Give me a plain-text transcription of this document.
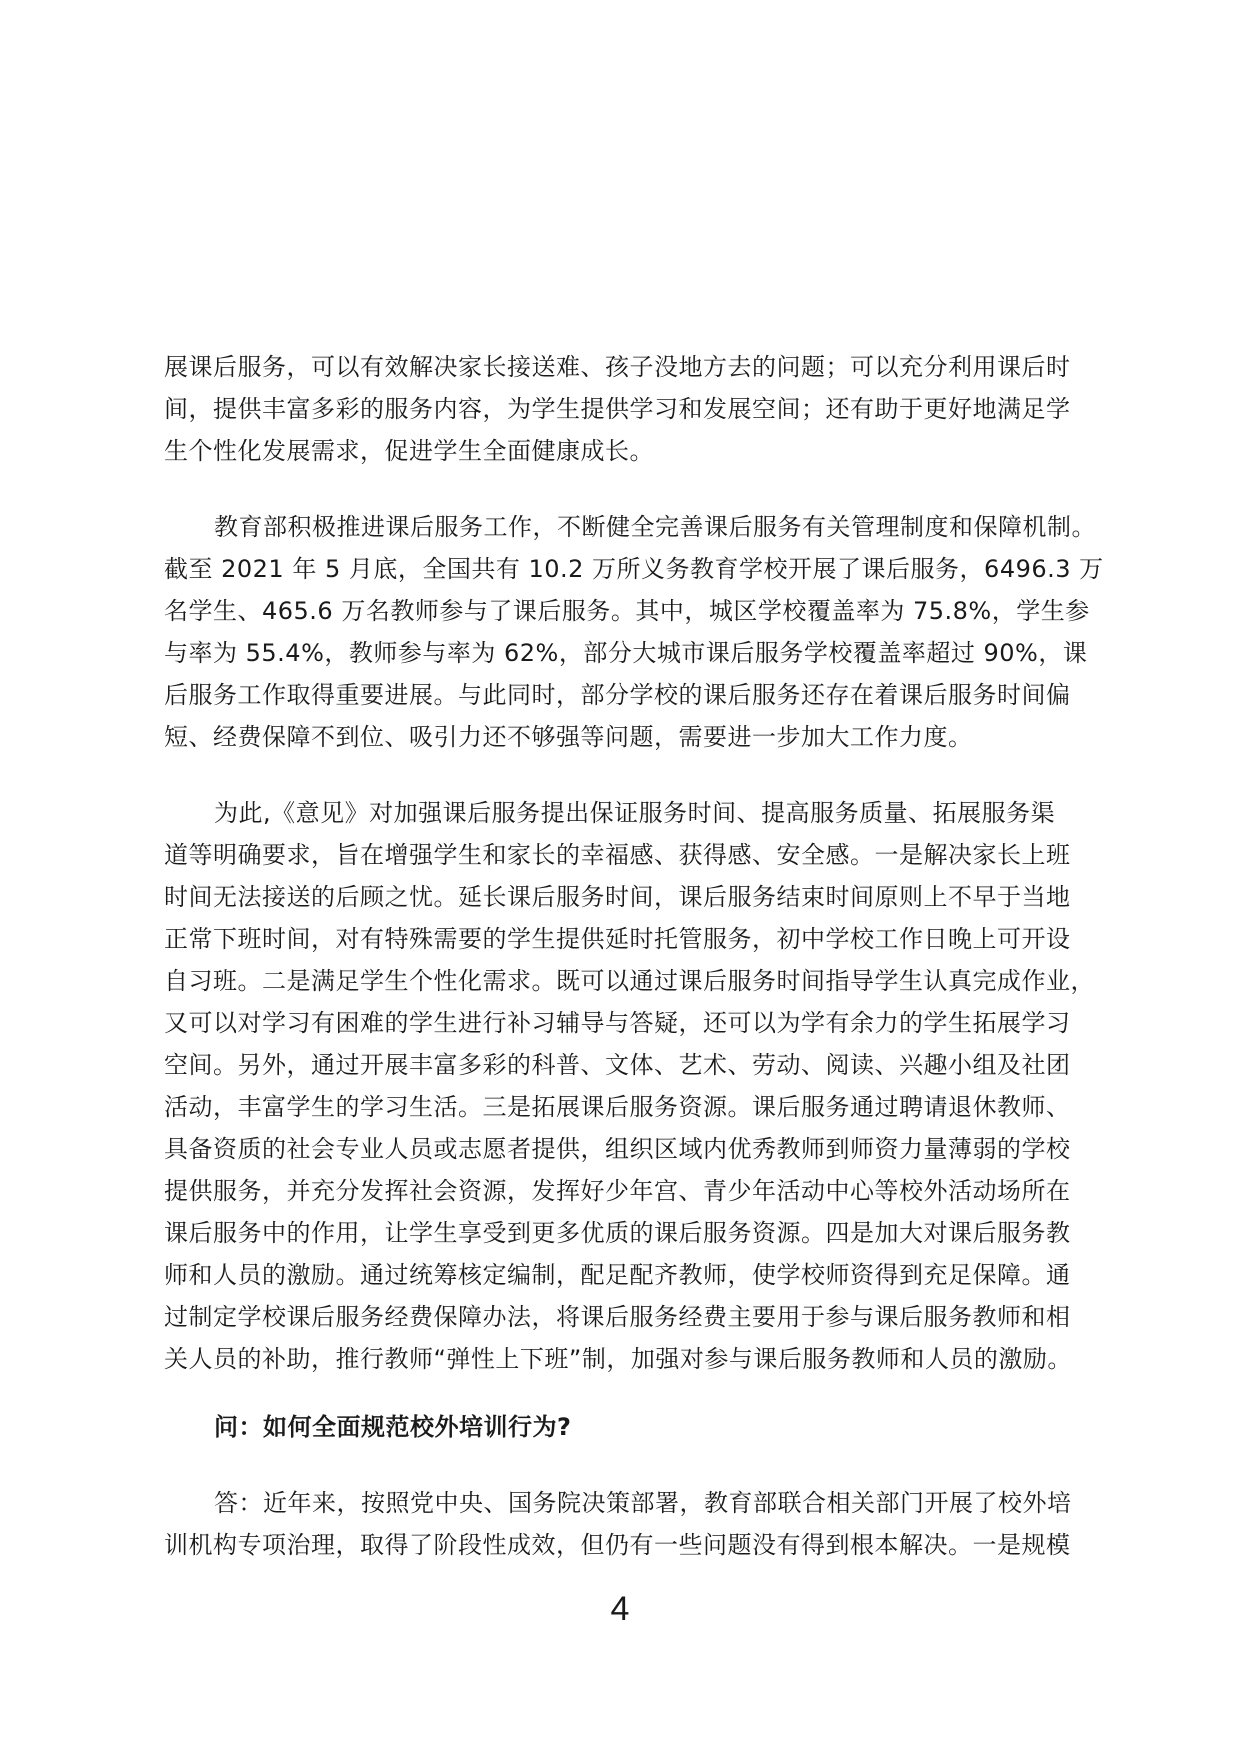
展课后服务，可以有效解决家长接送难、孩子没地方去的问题；可以充分利用课后时
间，提供丰富多彩的服务内容，为学生提供学习和发展空间；还有助于更好地满足学
生个性化发展需求，促进学生全面健康成长。

教育部积极推进课后服务工作，不断健全完善课后服务有关管理制度和保障机制。
截至 2021 年 5 月底，全国共有 10.2 万所义务教育学校开展了课后服务，6496.3 万
名学生、465.6 万名教师参与了课后服务。其中，城区学校覆盖率为 75.8%，学生参
与率为 55.4%，教师参与率为 62%，部分大城市课后服务学校覆盖率超过 90%，课
后服务工作取得重要进展。与此同时，部分学校的课后服务还存在着课后服务时间偏
短、经费保障不到位、吸引力还不够强等问题，需要进一步加大工作力度。

为此,《意见》对加强课后服务提出保证服务时间、提高服务质量、拓展服务渠
道等明确要求，旨在增强学生和家长的幸福感、获得感、安全感。一是解决家长上班
时间无法接送的后顾之忧。延长课后服务时间，课后服务结束时间原则上不早于当地
正常下班时间，对有特殊需要的学生提供延时托管服务，初中学校工作日晚上可开设
自习班。二是满足学生个性化需求。既可以通过课后服务时间指导学生认真完成作业，
又可以对学习有困难的学生进行补习辅导与答疑，还可以为学有余力的学生拓展学习
空间。另外，通过开展丰富多彩的科普、文体、艺术、劳动、阅读、兴趣小组及社团
活动，丰富学生的学习生活。三是拓展课后服务资源。课后服务通过聘请退休教师、
具备资质的社会专业人员或志愿者提供，组织区域内优秀教师到师资力量薄弱的学校
提供服务，并充分发挥社会资源，发挥好少年宫、青少年活动中心等校外活动场所在
课后服务中的作用，让学生享受到更多优质的课后服务资源。四是加大对课后服务教
师和人员的激励。通过统筹核定编制，配足配齐教师，使学校师资得到充足保障。通
过制定学校课后服务经费保障办法，将课后服务经费主要用于参与课后服务教师和相
关人员的补助，推行教师“弹性上下班”制，加强对参与课后服务教师和人员的激励。

问：如何全面规范校外培训行为?

答：近年来，按照党中央、国务院决策部署，教育部联合相关部门开展了校外培
训机构专项治理，取得了阶段性成效，但仍有一些问题没有得到根本解决。一是规模

4
